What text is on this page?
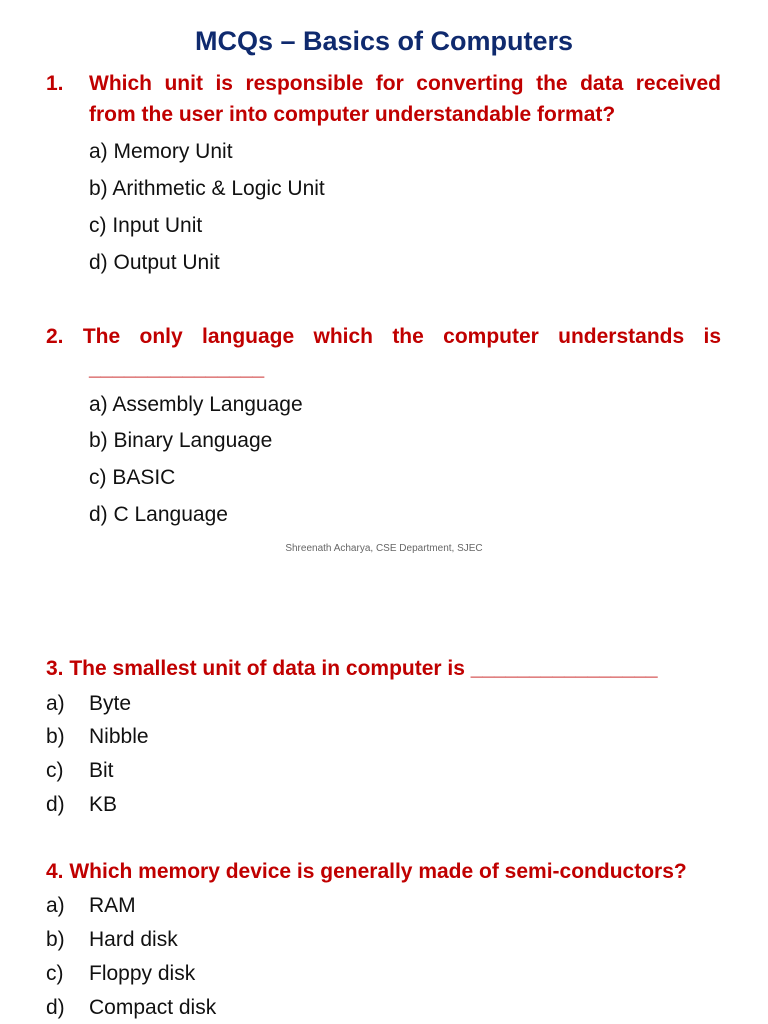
MCQs – Basics of Computers
1. Which unit is responsible for converting the data received
from the user into computer understandable format?
a) Memory Unit
b) Arithmetic & Logic Unit
c) Input Unit
d) Output Unit
2. The only language which the computer understands is
_______________
a) Assembly Language
b) Binary Language
c) BASIC
d) C Language
Shreenath Acharya, CSE Department, SJEC
3. The smallest unit of data in computer is ________________
a) Byte
b) Nibble
c) Bit
d) KB
4. Which memory device is generally made of semi-conductors?
a) RAM
b) Hard disk
c) Floppy disk
d) Compact disk
